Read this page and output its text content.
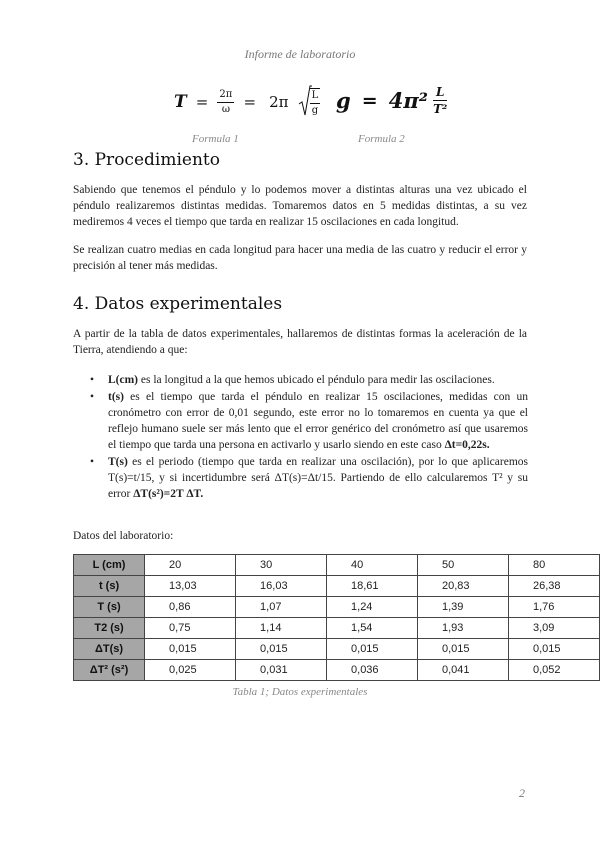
Informe de laboratorio
$T = \frac{2\pi}{\omega} = 2\pi \frac{L}{g}$ $g = 4\pi^2 \frac{L}{\text{T²}}$
Formula 1	Formula 2
3. Procedimiento

Sabiendo que tenemos el péndulo y lo podemos mover a distintas alturas una vez ubicado el péndulo realizaremos distintas medidas. Tomaremos datos en 5 medidas distintas, a su vez mediremos 4 veces el tiempo que tarda en realizar 15 oscilaciones en cada longitud.

Se realizan cuatro medias en cada longitud para hacer una media de las cuatro y reducir el error y precisión al tener más medidas.

4. Datos experimentales

A partir de la tabla de datos experimentales, hallaremos de distintas formas la aceleración de la Tierra, atendiendo a que:

• L(cm) es la longitud a la que hemos ubicado el péndulo para medir las oscilaciones.
• t(s) es el tiempo que tarda el péndulo en realizar 15 oscilaciones, medidas con un cronómetro con error de 0,01 segundo, este error no lo tomaremos en cuenta ya que el reflejo humano suele ser más lento que el error genérico del cronómetro así que usaremos el tiempo que tarda una persona en activarlo y usarlo siendo en este caso Δt=0,22s.
• T(s) es el periodo (tiempo que tarda en realizar una oscilación), por lo que aplicaremos T(s)=t/15, y si incertidumbre será ΔT(s)=Δt/15. Partiendo de ello calcularemos T² y su error ΔT(s²)=2T ΔT.

Datos del laboratorio:

L (cm)	20	30	40	50	80
t (s)	13,03	16,03	18,61	20,83	26,38
T (s)	0,86	1,07	1,24	1,39	1,76
T2 (s)	0,75	1,14	1,54	1,93	3,09
ΔT(s)	0,015	0,015	0,015	0,015	0,015
ΔT² (s²)	0,025	0,031	0,036	0,041	0,052
Tabla 1; Datos experimentales
2
